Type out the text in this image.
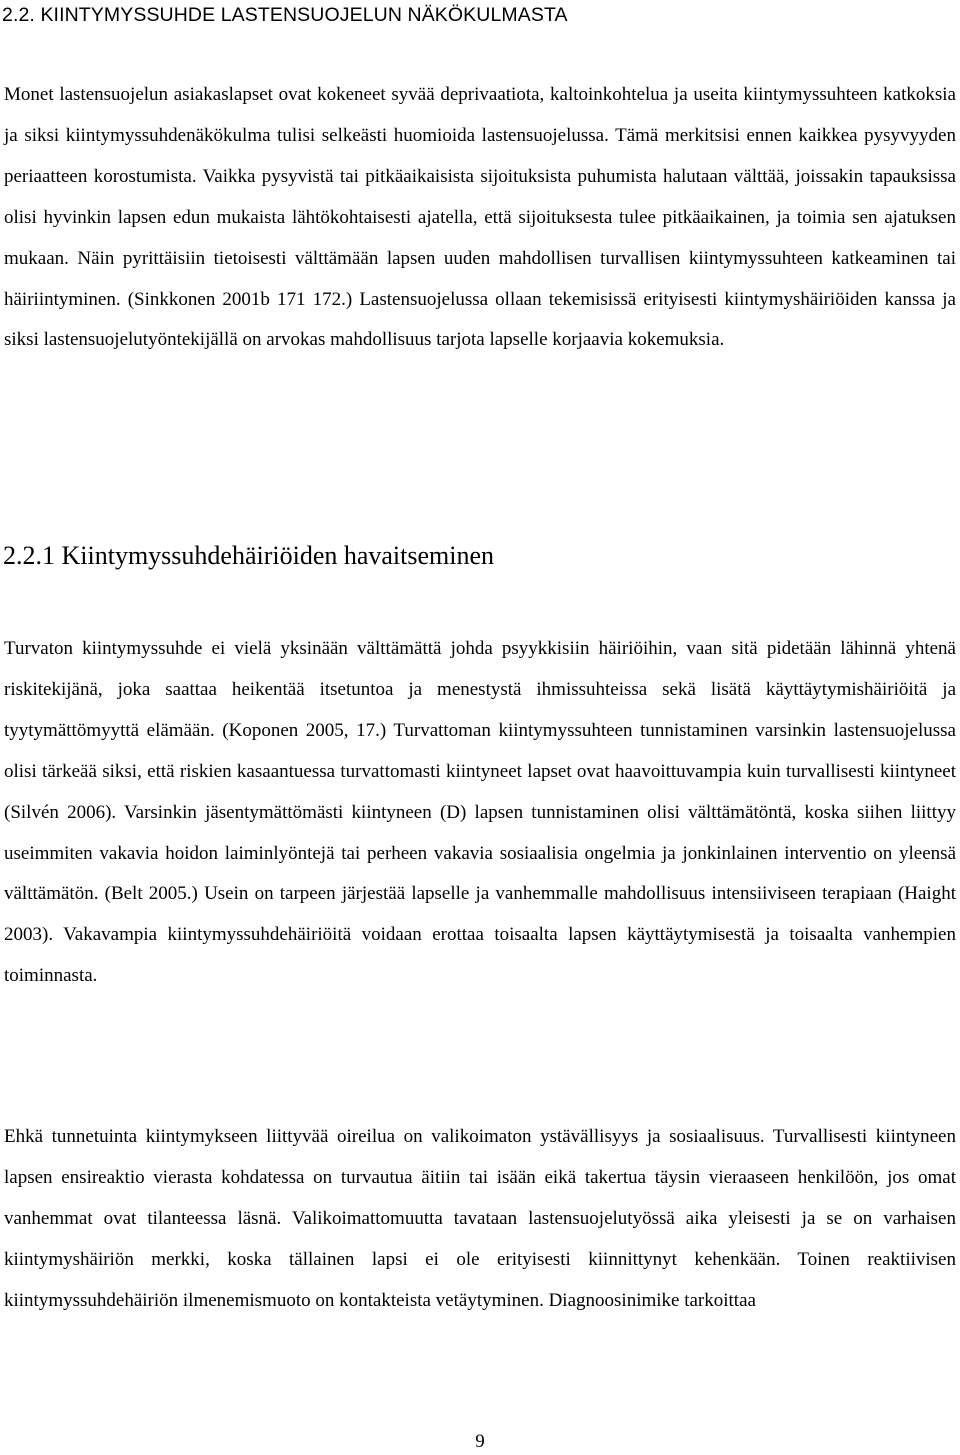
2.2. KIINTYMYSSUHDE LASTENSUOJELUN NÄKÖKULMASTA

Monet lastensuojelun asiakaslapset ovat kokeneet syvää deprivaatiota, kaltoinkohtelua ja useita kiintymyssuhteen katkoksia ja siksi kiintymyssuhdenäkökulma tulisi selkeästi huomioida lastensuojelussa. Tämä merkitsisi ennen kaikkea pysyvyyden periaatteen korostumista. Vaikka pysyvistä tai pitkäaikaisista sijoituksista puhumista halutaan välttää, joissakin tapauksissa olisi hyvinkin lapsen edun mukaista lähtökohtaisesti ajatella, että sijoituksesta tulee pitkäaikainen, ja toimia sen ajatuksen mukaan. Näin pyrittäisiin tietoisesti välttämään lapsen uuden mahdollisen turvallisen kiintymyssuhteen katkeaminen tai häiriintyminen. (Sinkkonen 2001b 171 172.) Lastensuojelussa ollaan tekemisissä erityisesti kiintymyshäiriöiden kanssa ja siksi lastensuojelutyöntekijällä on arvokas mahdollisuus tarjota lapselle korjaavia kokemuksia.

2.2.1 Kiintymyssuhdehäiriöiden havaitseminen

Turvaton kiintymyssuhde ei vielä yksinään välttämättä johda psyykkisiin häiriöihin, vaan sitä pidetään lähinnä yhtenä riskitekijänä, joka saattaa heikentää itsetuntoa ja menestystä ihmissuhteissa sekä lisätä käyttäytymishäiriöitä ja tyytymättömyyttä elämään. (Koponen 2005, 17.) Turvattoman kiintymyssuhteen tunnistaminen varsinkin lastensuojelussa olisi tärkeää siksi, että riskien kasaantuessa turvattomasti kiintyneet lapset ovat haavoittuvampia kuin turvallisesti kiintyneet (Silvén 2006). Varsinkin jäsentymättömästi kiintyneen (D) lapsen tunnistaminen olisi välttämätöntä, koska siihen liittyy useimmiten vakavia hoidon laiminlyöntejä tai perheen vakavia sosiaalisia ongelmia ja jonkinlainen interventio on yleensä välttämätön. (Belt 2005.) Usein on tarpeen järjestää lapselle ja vanhemmalle mahdollisuus intensiiviseen terapiaan (Haight 2003). Vakavampia kiintymyssuhdehäiriöitä voidaan erottaa toisaalta lapsen käyttäytymisestä ja toisaalta vanhempien toiminnasta.

Ehkä tunnetuinta kiintymykseen liittyvää oireilua on valikoimaton ystävällisyys ja sosiaalisuus. Turvallisesti kiintyneen lapsen ensireaktio vierasta kohdatessa on turvautua äitiin tai isään eikä takertua täysin vieraaseen henkilöön, jos omat vanhemmat ovat tilanteessa läsnä. Valikoimattomuutta tavataan lastensuojelutyössä aika yleisesti ja se on varhaisen kiintymyshäiriön merkki, koska tällainen lapsi ei ole erityisesti kiinnittynyt kehenkään. Toinen reaktiivisen kiintymyssuhdehäiriön ilmenemismuoto on kontakteista vetäytyminen. Diagnoosinimike tarkoittaa

9
